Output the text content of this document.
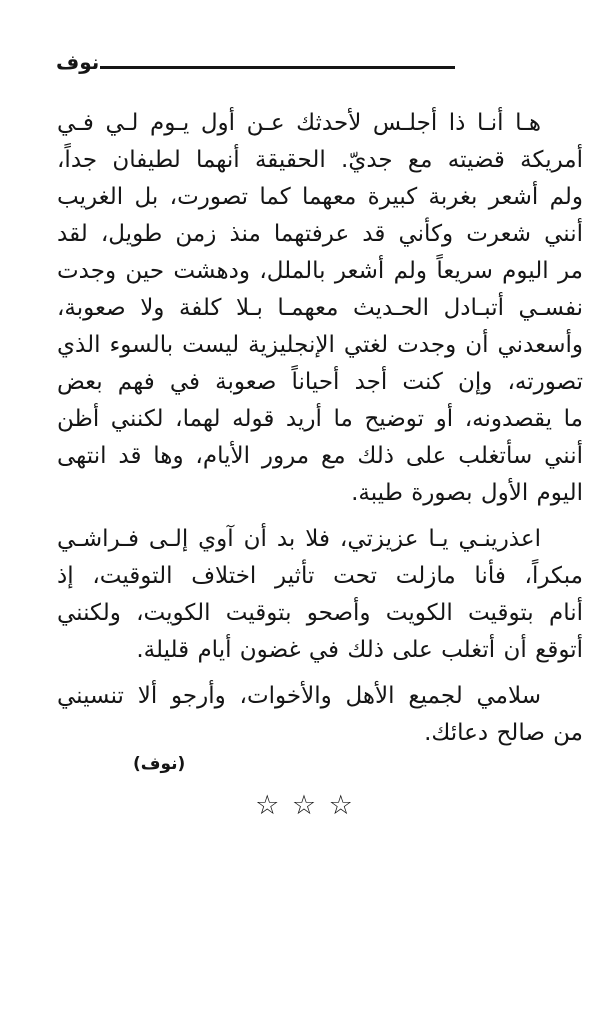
نوف

هـا أنـا ذا أجلـس لأحدثك عـن أول يـوم لـي فـي
أمريكة قضيته مع جديّ. الحقيقة أنهما لطيفان جداً،
ولم أشعر بغربة كبيرة معهما كما تصورت، بل الغريب
أنني شعرت وكأني قد عرفتهما منذ زمن طويل، لقد
مر اليوم سريعاً ولم أشعر بالملل، ودهشت حين وجدت
نفسـي أتبـادل الحـديث معهمـا بـلا كلفة ولا صعوبة،
وأسعدني أن وجدت لغتي الإنجليزية ليست بالسوء الذي
تصورته، وإن كنت أجد أحياناً صعوبة في فهم بعض
ما يقصدونه، أو توضيح ما أريد قوله لهما، لكنني أظن
أنني سأتغلب على ذلك مع مرور الأيام، وها قد انتهى
اليوم الأول بصورة طيبة.

اعذرينـي يـا عزيزتي، فلا بد أن آوي إلـى فـراشـي
مبكراً، فأنا مازلت تحت تأثير اختلاف التوقيت، إذ
أنام بتوقيت الكويت وأصحو بتوقيت الكويت، ولكنني
أتوقع أن أتغلب على ذلك في غضون أيام قليلة.

سلامي لجميع الأهل والأخوات، وأرجو ألا تنسيني
من صالح دعائك.

(نوف)
☆ ☆ ☆
